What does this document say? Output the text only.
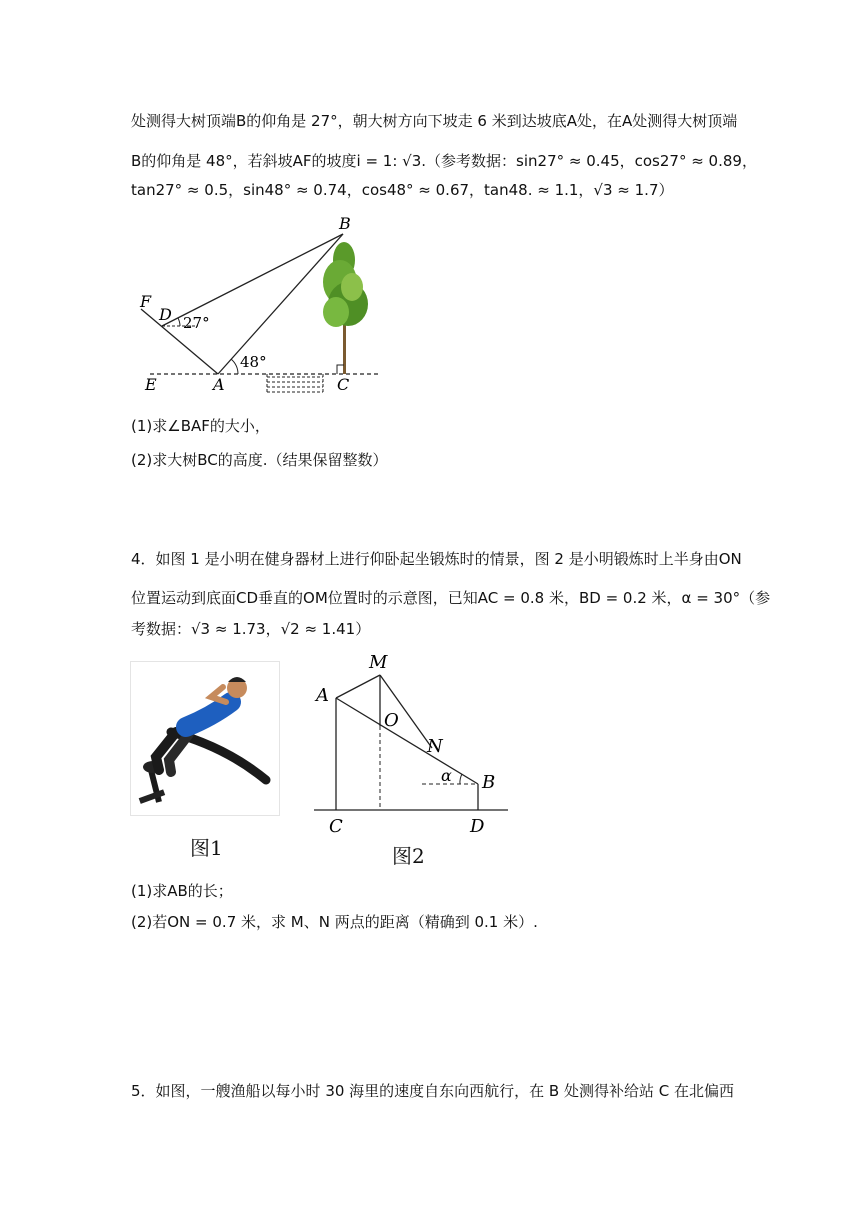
处测得大树顶端B的仰角是 27°，朝大树方向下坡走 6 米到达坡底A处，在A处测得大树顶端
B的仰角是 48°，若斜坡AF的坡度i = 1: √3.（参考数据：sin27° ≈ 0.45，cos27° ≈ 0.89，
tan27° ≈ 0.5，sin48° ≈ 0.74，cos48° ≈ 0.67，tan48. ≈ 1.1，√3 ≈ 1.7）
B
F
D 27°
48°
E	A	C
(1)求∠BAF的大小，
(2)求大树BC的高度.（结果保留整数）
4．如图 1 是小明在健身器材上进行仰卧起坐锻炼时的情景，图 2 是小明锻炼时上半身由ON
位置运动到底面CD垂直的OM位置时的示意图，已知AC = 0.8 米，BD = 0.2 米，α = 30°（参
考数据：√3 ≈ 1.73，√2 ≈ 1.41）
M
A
O
N
α B
C	D
图1	图2
(1)求AB的长；
(2)若ON = 0.7 米，求 M、N 两点的距离（精确到 0.1 米）.
5．如图，一艘渔船以每小时 30 海里的速度自东向西航行，在 B 处测得补给站 C 在北偏西
